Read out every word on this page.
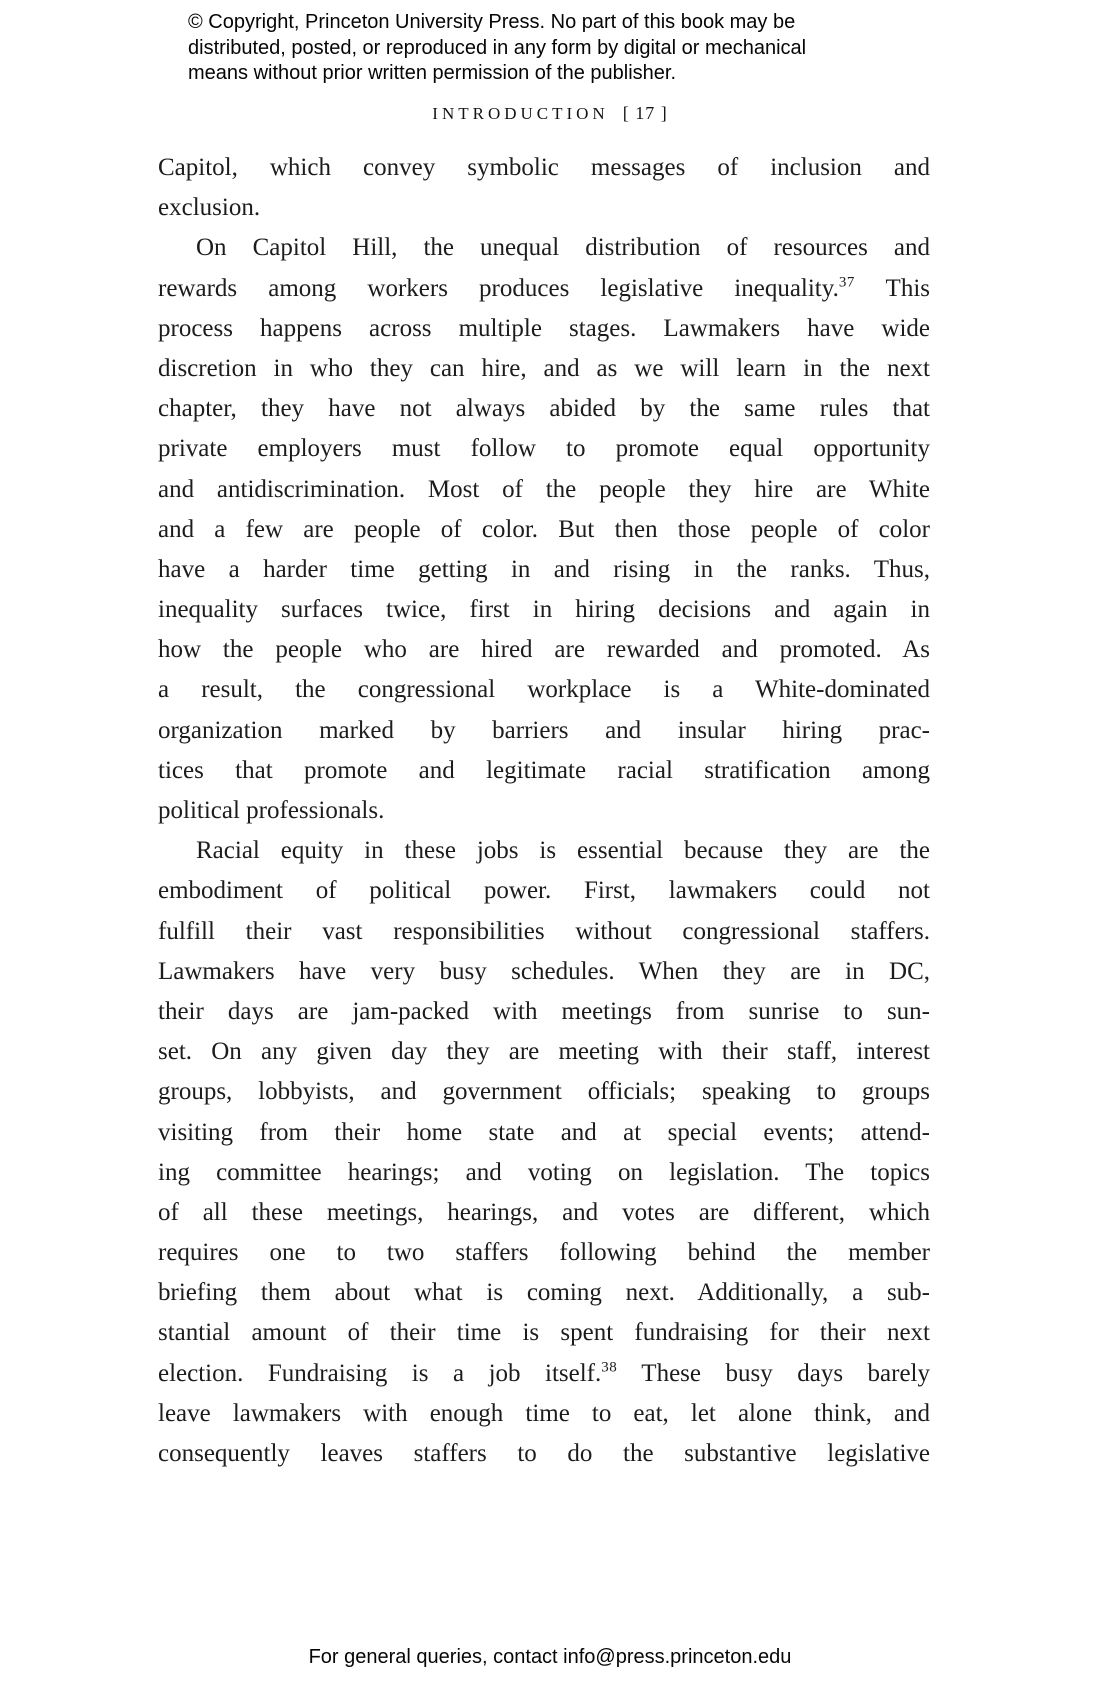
© Copyright, Princeton University Press. No part of this book may be
distributed, posted, or reproduced in any form by digital or mechanical
means without prior written permission of the publisher.
INTRODUCTION [ 17 ]
Capitol, which convey symbolic messages of inclusion and
exclusion.
On Capitol Hill, the unequal distribution of resources and
rewards among workers produces legislative inequality.$^{37}$ This
process happens across multiple stages. Lawmakers have wide
discretion in who they can hire, and as we will learn in the next
chapter, they have not always abided by the same rules that
private employers must follow to promote equal opportunity
and antidiscrimination. Most of the people they hire are White
and a few are people of color. But then those people of color
have a harder time getting in and rising in the ranks. Thus,
inequality surfaces twice, first in hiring decisions and again in
how the people who are hired are rewarded and promoted. As
a result, the congressional workplace is a White-dominated
organization marked by barriers and insular hiring prac-
tices that promote and legitimate racial stratification among
political professionals.
Racial equity in these jobs is essential because they are the
embodiment of political power. First, lawmakers could not
fulfill their vast responsibilities without congressional staffers.
Lawmakers have very busy schedules. When they are in DC,
their days are jam-packed with meetings from sunrise to sun-
set. On any given day they are meeting with their staff, interest
groups, lobbyists, and government officials; speaking to groups
visiting from their home state and at special events; attend-
ing committee hearings; and voting on legislation. The topics
of all these meetings, hearings, and votes are different, which
requires one to two staffers following behind the member
briefing them about what is coming next. Additionally, a sub-
stantial amount of their time is spent fundraising for their next
election. Fundraising is a job itself.$^{38}$ These busy days barely
leave lawmakers with enough time to eat, let alone think, and
consequently leaves staffers to do the substantive legislative
For general queries, contact info@press.princeton.edu
